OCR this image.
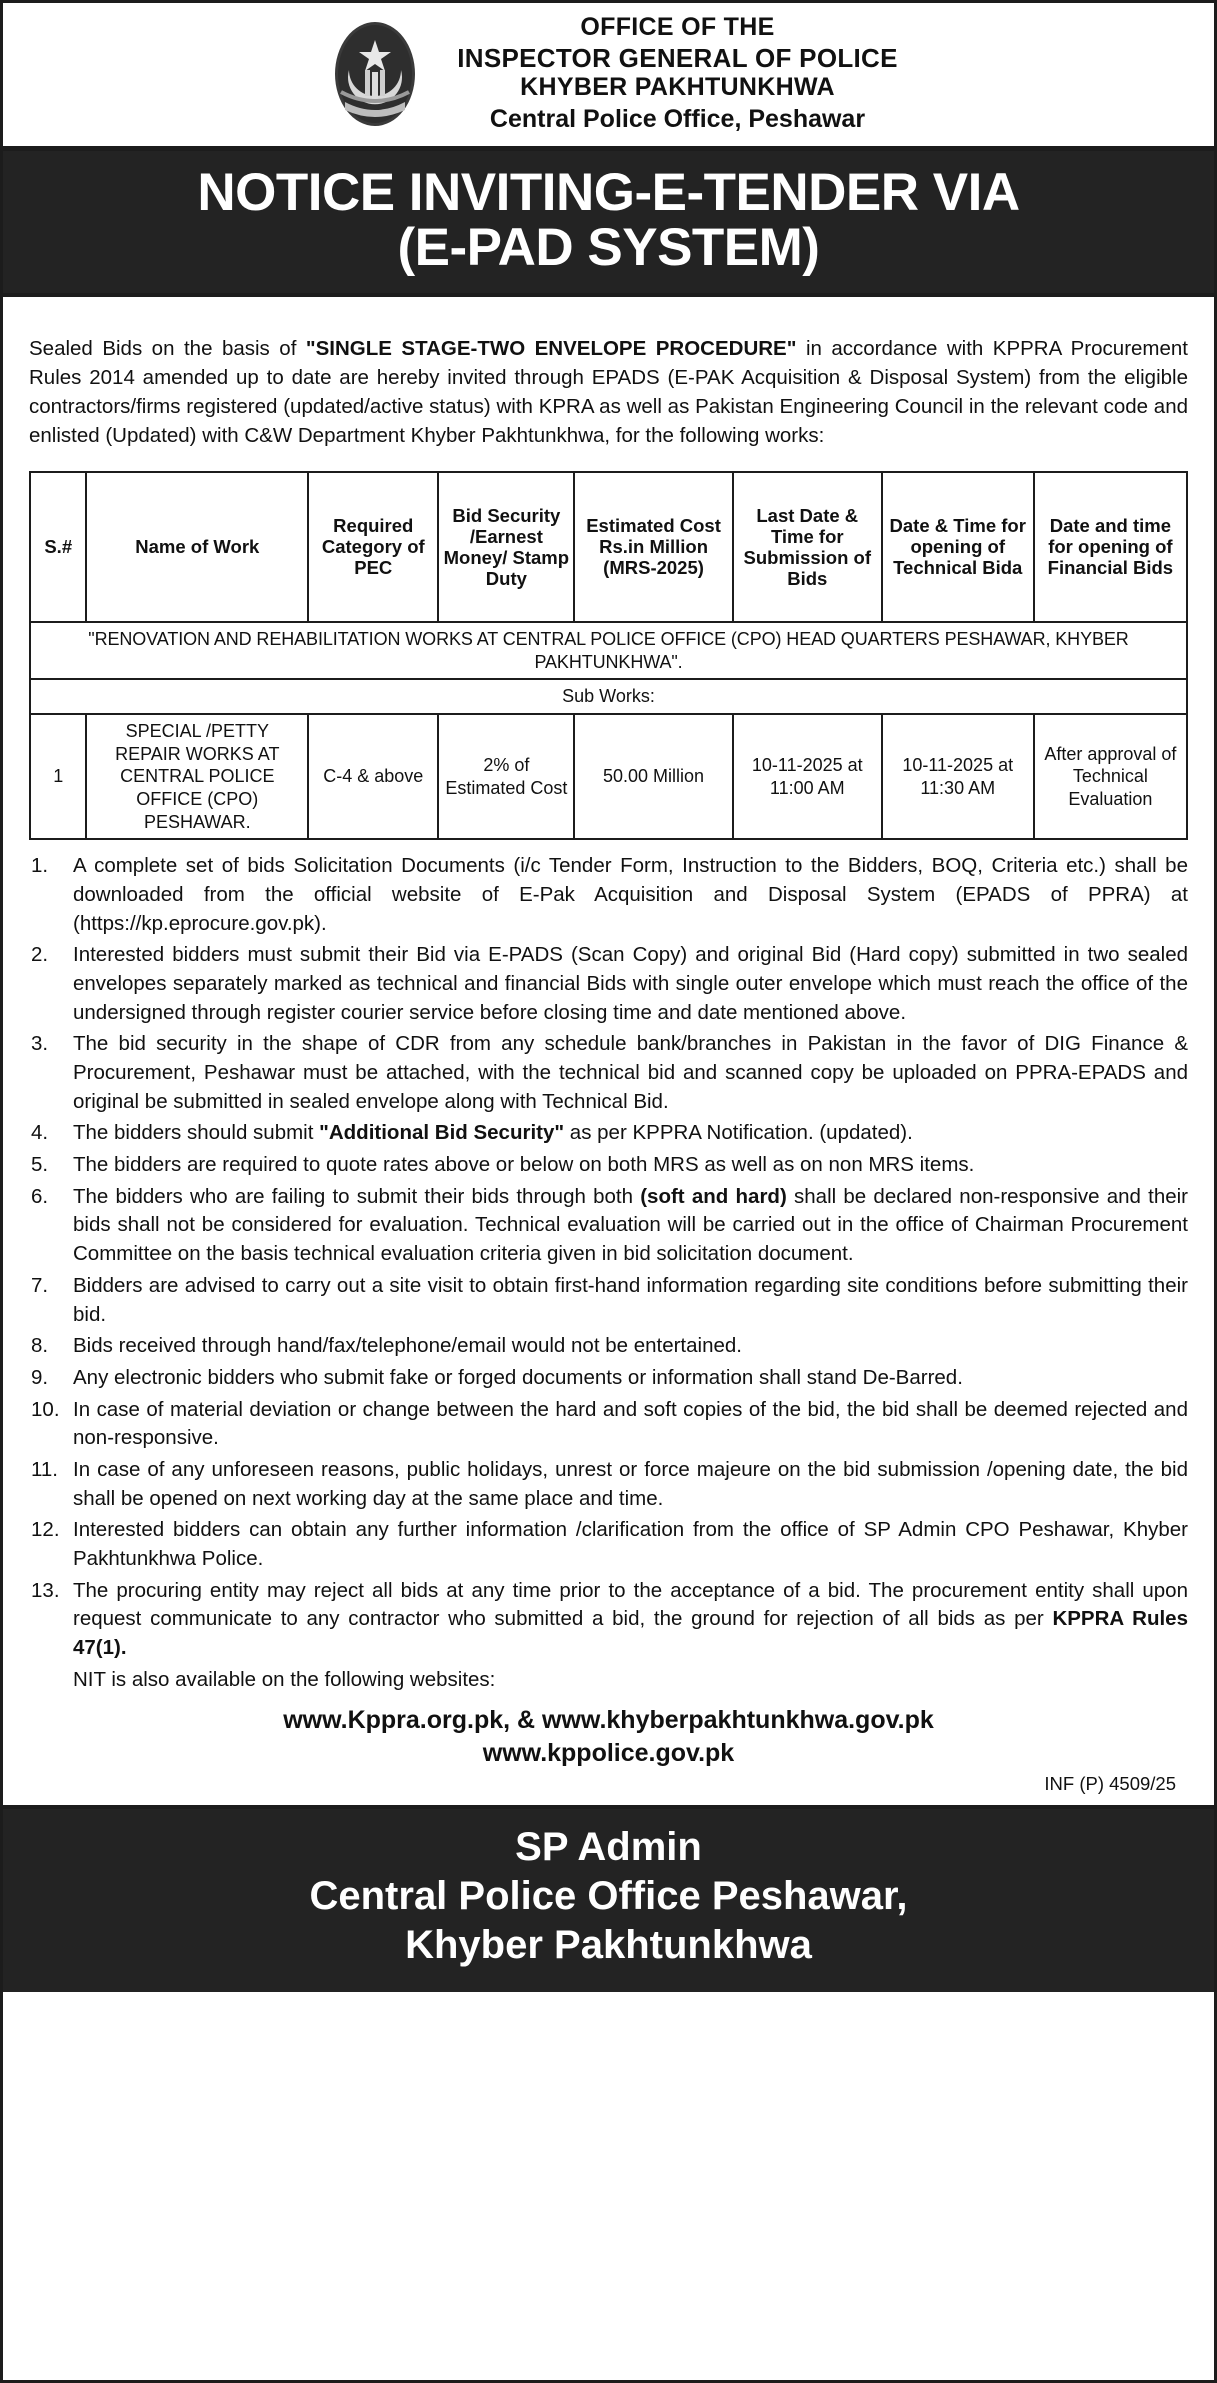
OFFICE OF THE
INSPECTOR GENERAL OF POLICE
KHYBER PAKHTUNKHWA
Central Police Office, Peshawar
NOTICE INVITING-E-TENDER VIA
(E-PAD SYSTEM)

Sealed Bids on the basis of "SINGLE STAGE-TWO ENVELOPE PROCEDURE" in accordance with KPPRA Procurement Rules 2014 amended up to date are hereby invited through EPADS (E-PAK Acquisition & Disposal System) from the eligible contractors/firms registered (updated/active status) with KPRA as well as Pakistan Engineering Council in the relevant code and enlisted (Updated) with C&W Department Khyber Pakhtunkhwa, for the following works:

S.#	Name of Work	Required Category of PEC	Bid Security /Earnest Money/ Stamp Duty	Estimated Cost Rs.in Million (MRS-2025)	Last Date & Time for Submission of Bids	Date & Time for opening of Technical Bida	Date and time for opening of Financial Bids
"RENOVATION AND REHABILITATION WORKS AT CENTRAL POLICE OFFICE (CPO) HEAD QUARTERS PESHAWAR, KHYBER PAKHTUNKHWA".							
Sub Works:							
1	SPECIAL /PETTY REPAIR WORKS AT CENTRAL POLICE OFFICE (CPO) PESHAWAR.	C-4 & above	2% of Estimated Cost	50.00 Million	10-11-2025 at 11:00 AM	10-11-2025 at 11:30 AM	After approval of Technical Evaluation
A complete set of bids Solicitation Documents (i/c Tender Form, Instruction to the Bidders, BOQ, Criteria etc.) shall be downloaded from the official website of E-Pak Acquisition and Disposal System (EPADS of PPRA) at (https://kp.eprocure.gov.pk).
Interested bidders must submit their Bid via E-PADS (Scan Copy) and original Bid (Hard copy) submitted in two sealed envelopes separately marked as technical and financial Bids with single outer envelope which must reach the office of the undersigned through register courier service before closing time and date mentioned above.
The bid security in the shape of CDR from any schedule bank/branches in Pakistan in the favor of DIG Finance & Procurement, Peshawar must be attached, with the technical bid and scanned copy be uploaded on PPRA-EPADS and original be submitted in sealed envelope along with Technical Bid.
The bidders should submit "Additional Bid Security" as per KPPRA Notification. (updated).
The bidders are required to quote rates above or below on both MRS as well as on non MRS items.
The bidders who are failing to submit their bids through both (soft and hard) shall be declared non-responsive and their bids shall not be considered for evaluation. Technical evaluation will be carried out in the office of Chairman Procurement Committee on the basis technical evaluation criteria given in bid solicitation document.
Bidders are advised to carry out a site visit to obtain first-hand information regarding site conditions before submitting their bid.
Bids received through hand/fax/telephone/email would not be entertained.
Any electronic bidders who submit fake or forged documents or information shall stand De-Barred.
In case of material deviation or change between the hard and soft copies of the bid, the bid shall be deemed rejected and non-responsive.
In case of any unforeseen reasons, public holidays, unrest or force majeure on the bid submission /opening date, the bid shall be opened on next working day at the same place and time.
Interested bidders can obtain any further information /clarification from the office of SP Admin CPO Peshawar, Khyber Pakhtunkhwa Police.
The procuring entity may reject all bids at any time prior to the acceptance of a bid. The procurement entity shall upon request communicate to any contractor who submitted a bid, the ground for rejection of all bids as per KPPRA Rules 47(1).
NIT is also available on the following websites:
www.Kppra.org.pk, & www.khyberpakhtunkhwa.gov.pk
www.kppolice.gov.pk
INF (P) 4509/25
SP Admin
Central Police Office Peshawar,
Khyber Pakhtunkhwa
